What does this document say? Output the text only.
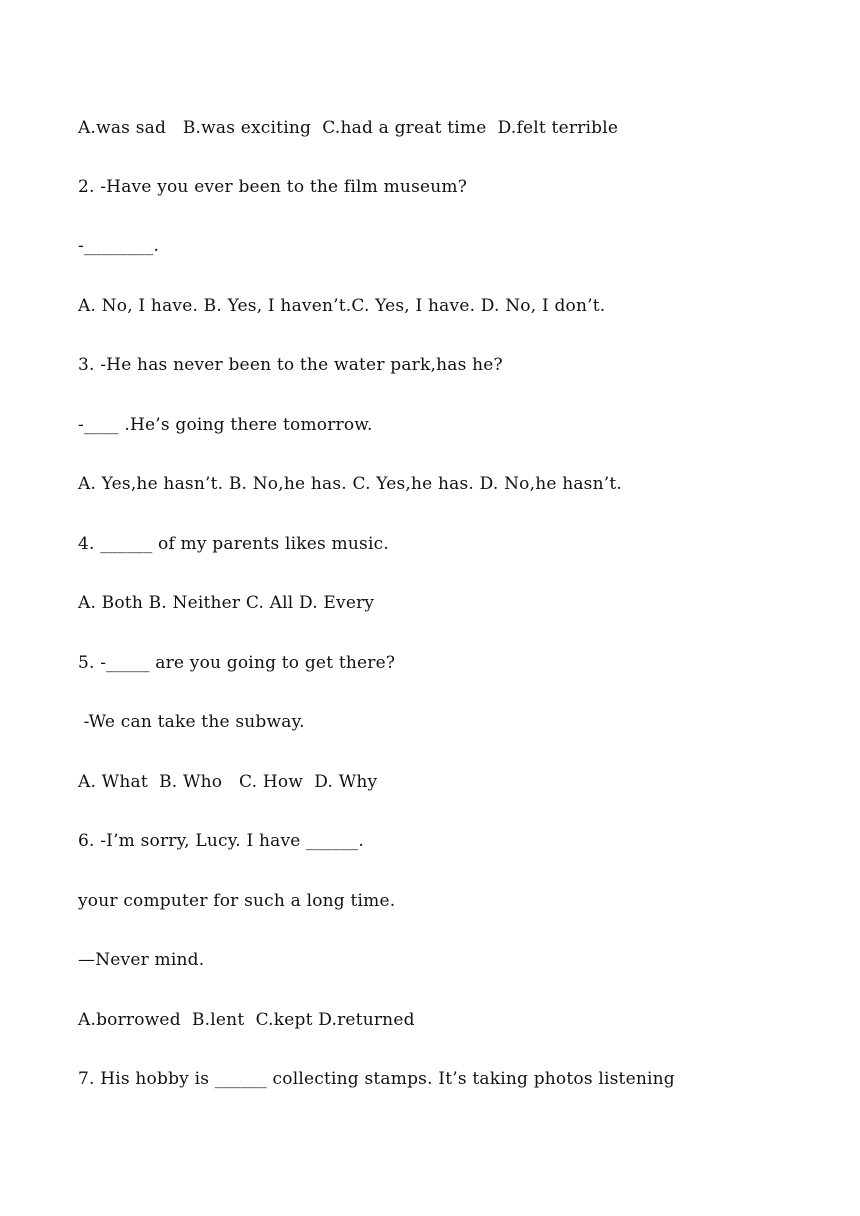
A.was sad   B.was exciting  C.had a great time  D.felt terrible
2. -Have you ever been to the film museum?
-________.
A. No, I have. B. Yes, I haven’t.C. Yes, I have. D. No, I don’t.
3. -He has never been to the water park,has he?
-____ .He’s going there tomorrow.
A. Yes,he hasn’t. B. No,he has. C. Yes,he has. D. No,he hasn’t.
4. ______ of my parents likes music.
A. Both B. Neither C. All D. Every
5. -_____ are you going to get there?
-We can take the subway.
A. What  B. Who   C. How  D. Why
6. -I’m sorry, Lucy. I have ______.
your computer for such a long time.
—Never mind.
A.borrowed  B.lent  C.kept D.returned
7. His hobby is ______ collecting stamps. It’s taking photos listening
